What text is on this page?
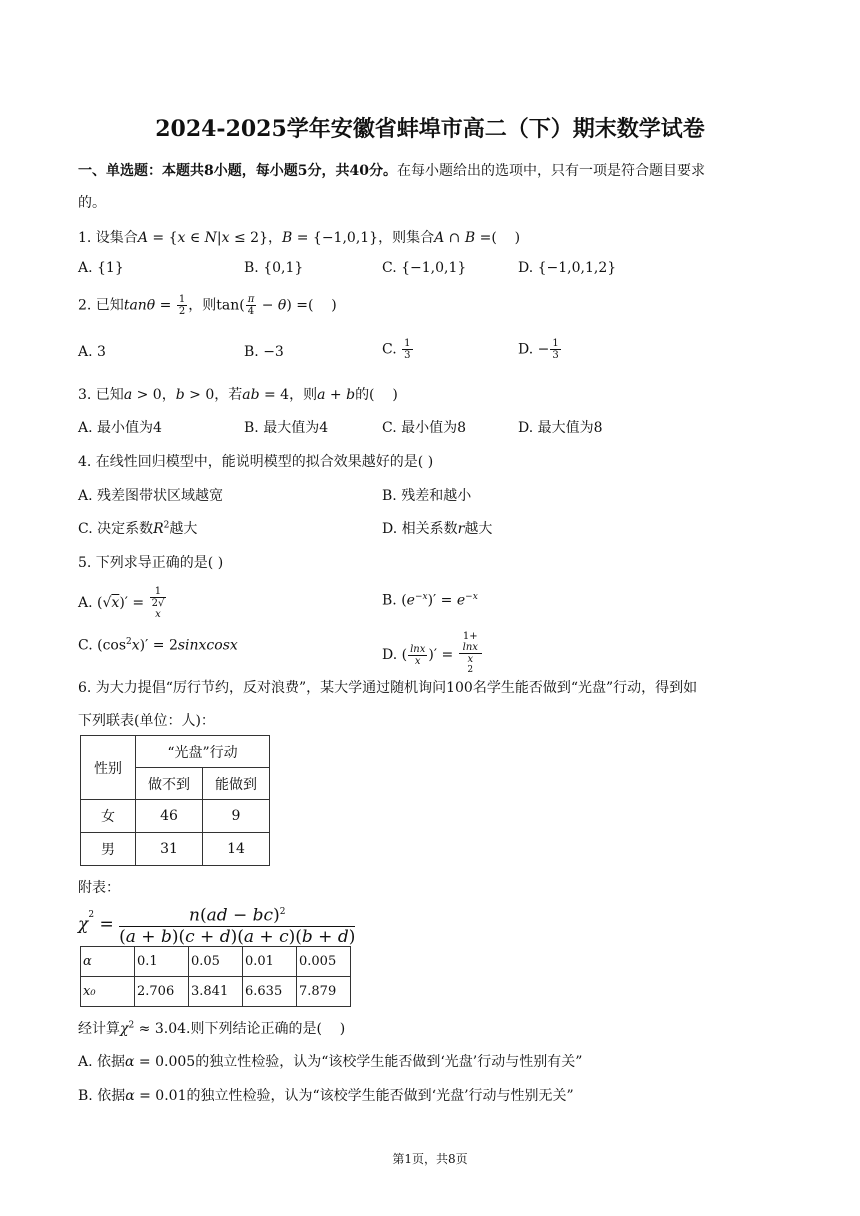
2024-2025学年安徽省蚌埠市高二（下）期末数学试卷
一、单选题：本题共8小题，每小题5分，共40分。在每小题给出的选项中，只有一项是符合题目要求
的。
1. 设集合A = {x ∈ N|x ≤ 2}，B = {−1,0,1}，则集合A ∩ B =(    )
A. {1}	B. {0,1}	C. {−1,0,1}	D. {−1,0,1,2}
2. 已知$\tan\theta = \frac{1}{2}$ ，则$\tan( \frac{\pi}{4} - \theta)$ =(    )
A. 3	B. −3	C. $\frac{1}{3}$	D. − $\frac{1}{3}$
3. 已知a > 0，b > 0，若ab = 4，则a + b的(    )
A. 最小值为4	B. 最大值为4	C. 最小值为8	D. 最大值为8
4. 在线性回归模型中，能说明模型的拟合效果越好的是( )
A. 残差图带状区域越宽	B. 残差和越小
C. 决定系数$R^2$越大	D. 相关系数r越大
5. 下列求导正确的是( )
A. (√x)′ = 1
2√
x	B. $(e^{-x})' = e^{-x}$
C. $(\cos^2x)'$ = 2sinxcosx
D. ( $\frac{\ln x}{x}$ )′ = 1+
lnx
x
$^2$
6. 为大力提倡“厉行节约，反对浪费”，某大学通过随机询问100名学生能否做到“光盘”行动，得到如
下列联表(单位：人)：
性别	“光盘”行动	
	做不到	能做到
女	46	9
男	31	14
附表：
$\chi^2 = \frac{n(ad - bc)^2}{(a + b)(c + d)(a + c)(b + d)}$
α	0.1	0.05	0.01	0.005
x₀	2.706	3.841	6.635	7.879
经计算$\chi^2 \approx 3.04$.则下列结论正确的是(    )
A. 依据α = 0.005的独立性检验，认为“该校学生能否做到‘光盘’行动与性别有关”
B. 依据α = 0.01的独立性检验，认为“该校学生能否做到‘光盘’行动与性别无关”
第1页，共8页
